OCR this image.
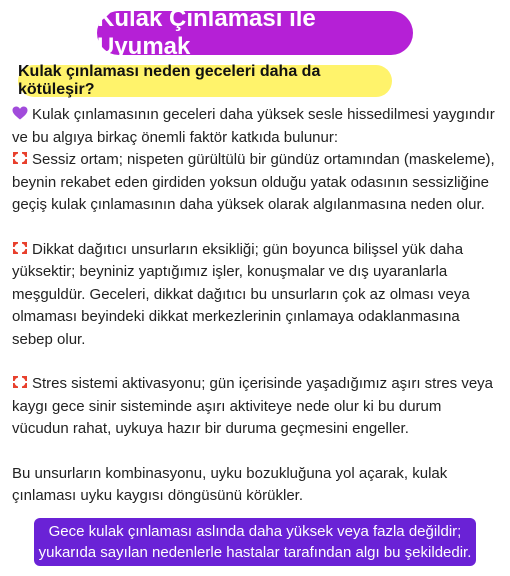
Kulak Çınlaması ile Uyumak
Kulak çınlaması neden geceleri daha da kötüleşir?

Kulak çınlamasının geceleri daha yüksek sesle hissedilmesi yaygındır
ve bu algıya birkaç önemli faktör katkıda bulunur:

Sessiz ortam; nispeten gürültülü bir gündüz ortamından (maskeleme),
beynin rekabet eden girdiden yoksun olduğu yatak odasının sessizliğine
geçiş kulak çınlamasının daha yüksek olarak algılanmasına neden olur.

Dikkat dağıtıcı unsurların eksikliği; gün boyunca bilişsel yük daha
yüksektir; beyniniz yaptığımız işler, konuşmalar ve dış uyaranlarla
meşguldür. Geceleri, dikkat dağıtıcı bu unsurların çok az olması veya
olmaması beyindeki dikkat merkezlerinin çınlamaya odaklanmasına
sebep olur.

Stres sistemi aktivasyonu; gün içerisinde yaşadığımız aşırı stres veya
kaygı gece sinir sisteminde aşırı aktiviteye nede olur ki bu durum
vücudun rahat, uykuya hazır bir duruma geçmesini engeller.

Bu unsurların kombinasyonu, uyku bozukluğuna yol açarak, kulak
çınlaması uyku kaygısı döngüsünü körükler.

Gece kulak çınlaması aslında daha yüksek veya fazla değildir;
yukarıda sayılan nedenlerle hastalar tarafından algı bu şekildedir.
